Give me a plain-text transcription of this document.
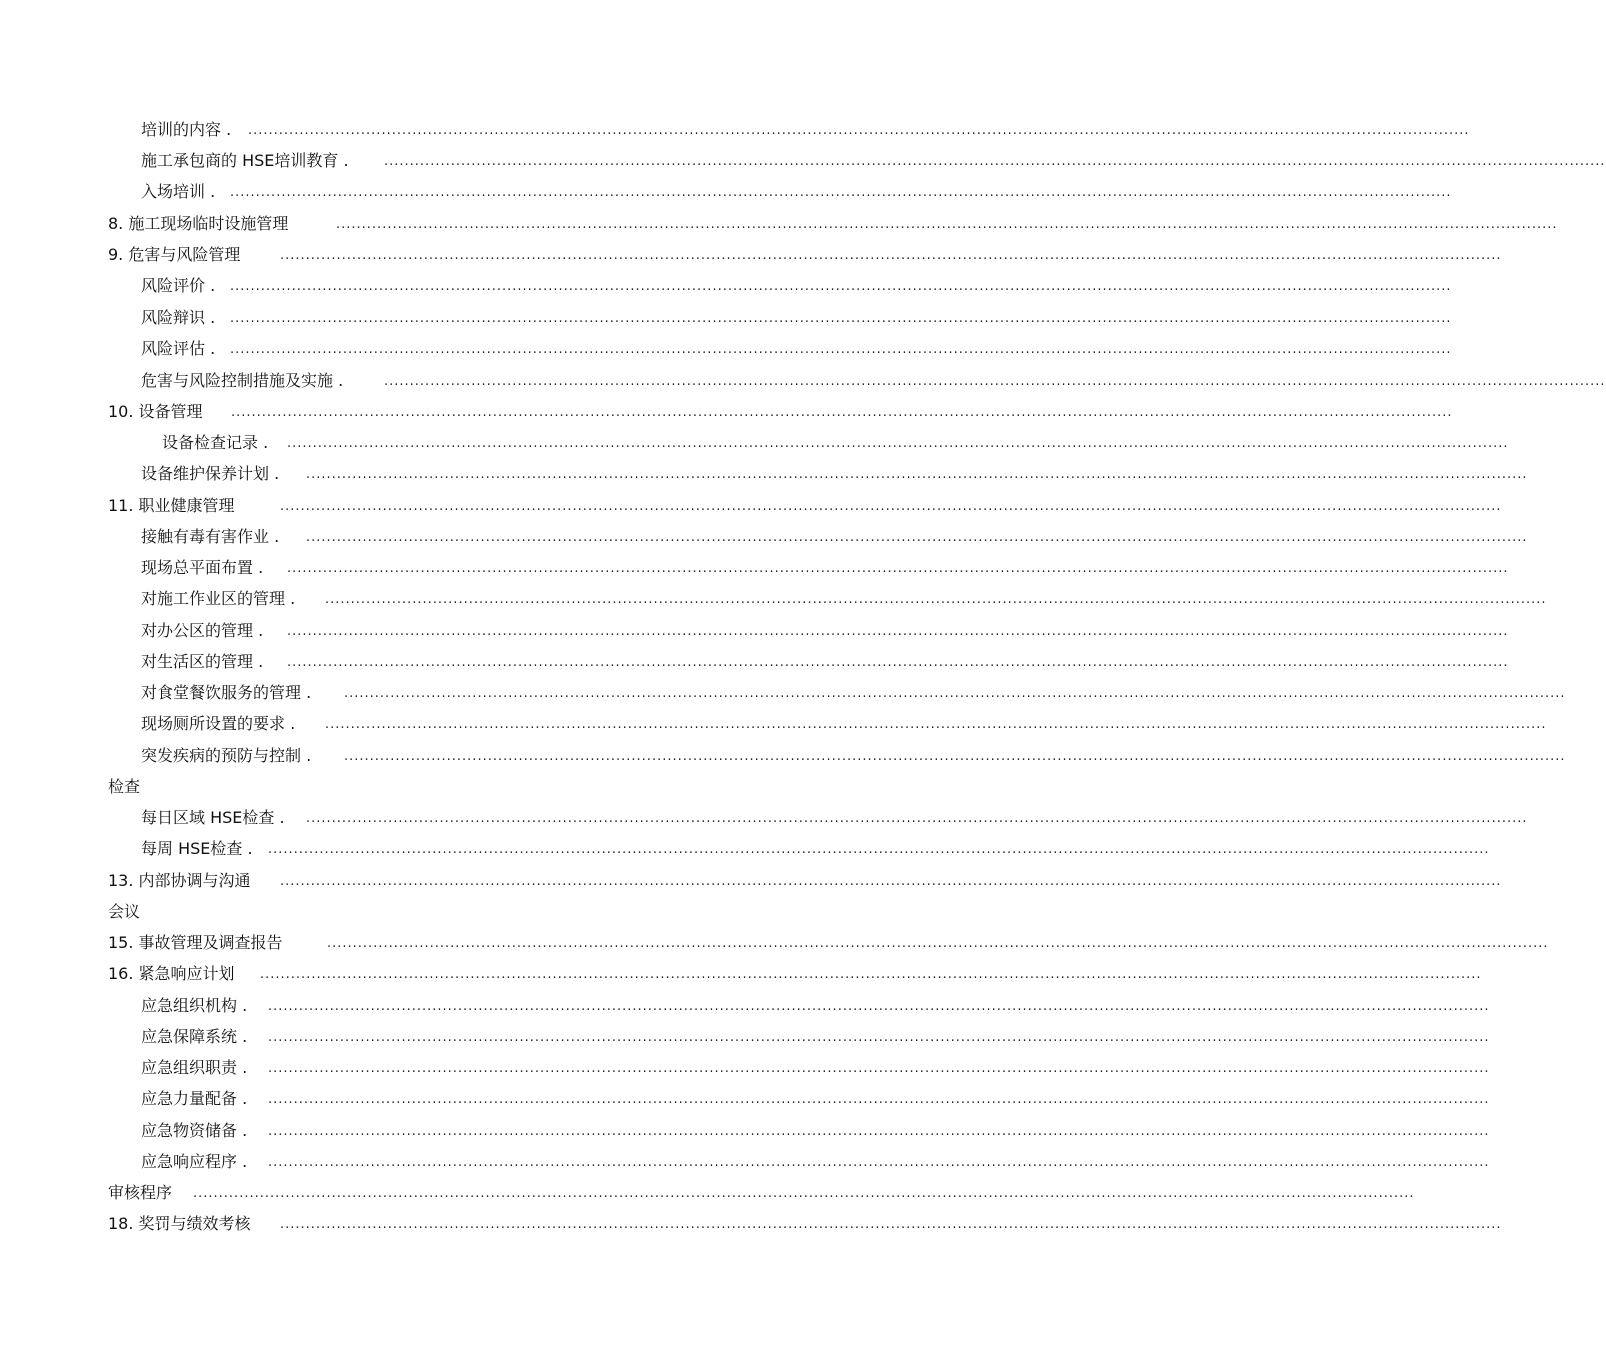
培训的内容 . ..............................................................................................................................................................................................................................................
施工承包商的 HSE培训教育 .	..............................................................................................................................................................................................................................................
入场培训 . ..............................................................................................................................................................................................................................................
8. 施工现场临时设施管理	..............................................................................................................................................................................................................................................
9. 危害与风险管理	..............................................................................................................................................................................................................................................
风险评价 . ..............................................................................................................................................................................................................................................
风险辩识 . ..............................................................................................................................................................................................................................................
风险评估 . ..............................................................................................................................................................................................................................................
危害与风险控制措施及实施 .	..............................................................................................................................................................................................................................................
10. 设备管理 ..............................................................................................................................................................................................................................................
设备检查记录 . ..............................................................................................................................................................................................................................................
设备维护保养计划 . ..............................................................................................................................................................................................................................................
11. 职业健康管理	..............................................................................................................................................................................................................................................
接触有毒有害作业 . ..............................................................................................................................................................................................................................................
现场总平面布置 . ..............................................................................................................................................................................................................................................
对施工作业区的管理 . ..............................................................................................................................................................................................................................................
对办公区的管理 . ..............................................................................................................................................................................................................................................
对生活区的管理 . ..............................................................................................................................................................................................................................................
对食堂餐饮服务的管理 .	..............................................................................................................................................................................................................................................
现场厕所设置的要求 . ..............................................................................................................................................................................................................................................
突发疾病的预防与控制 .	..............................................................................................................................................................................................................................................
检查
每日区域 HSE检查 . ..............................................................................................................................................................................................................................................
每周 HSE检查 . ..............................................................................................................................................................................................................................................
13. 内部协调与沟通 ..............................................................................................................................................................................................................................................
会议
15. 事故管理及调查报告	..............................................................................................................................................................................................................................................
16. 紧急响应计划 ..............................................................................................................................................................................................................................................
应急组织机构 . ..............................................................................................................................................................................................................................................
应急保障系统 . ..............................................................................................................................................................................................................................................
应急组织职责 . ..............................................................................................................................................................................................................................................
应急力量配备 . ..............................................................................................................................................................................................................................................
应急物资储备 . ..............................................................................................................................................................................................................................................
应急响应程序 . ..............................................................................................................................................................................................................................................
审核程序 ..............................................................................................................................................................................................................................................
18. 奖罚与绩效考核 ..............................................................................................................................................................................................................................................
